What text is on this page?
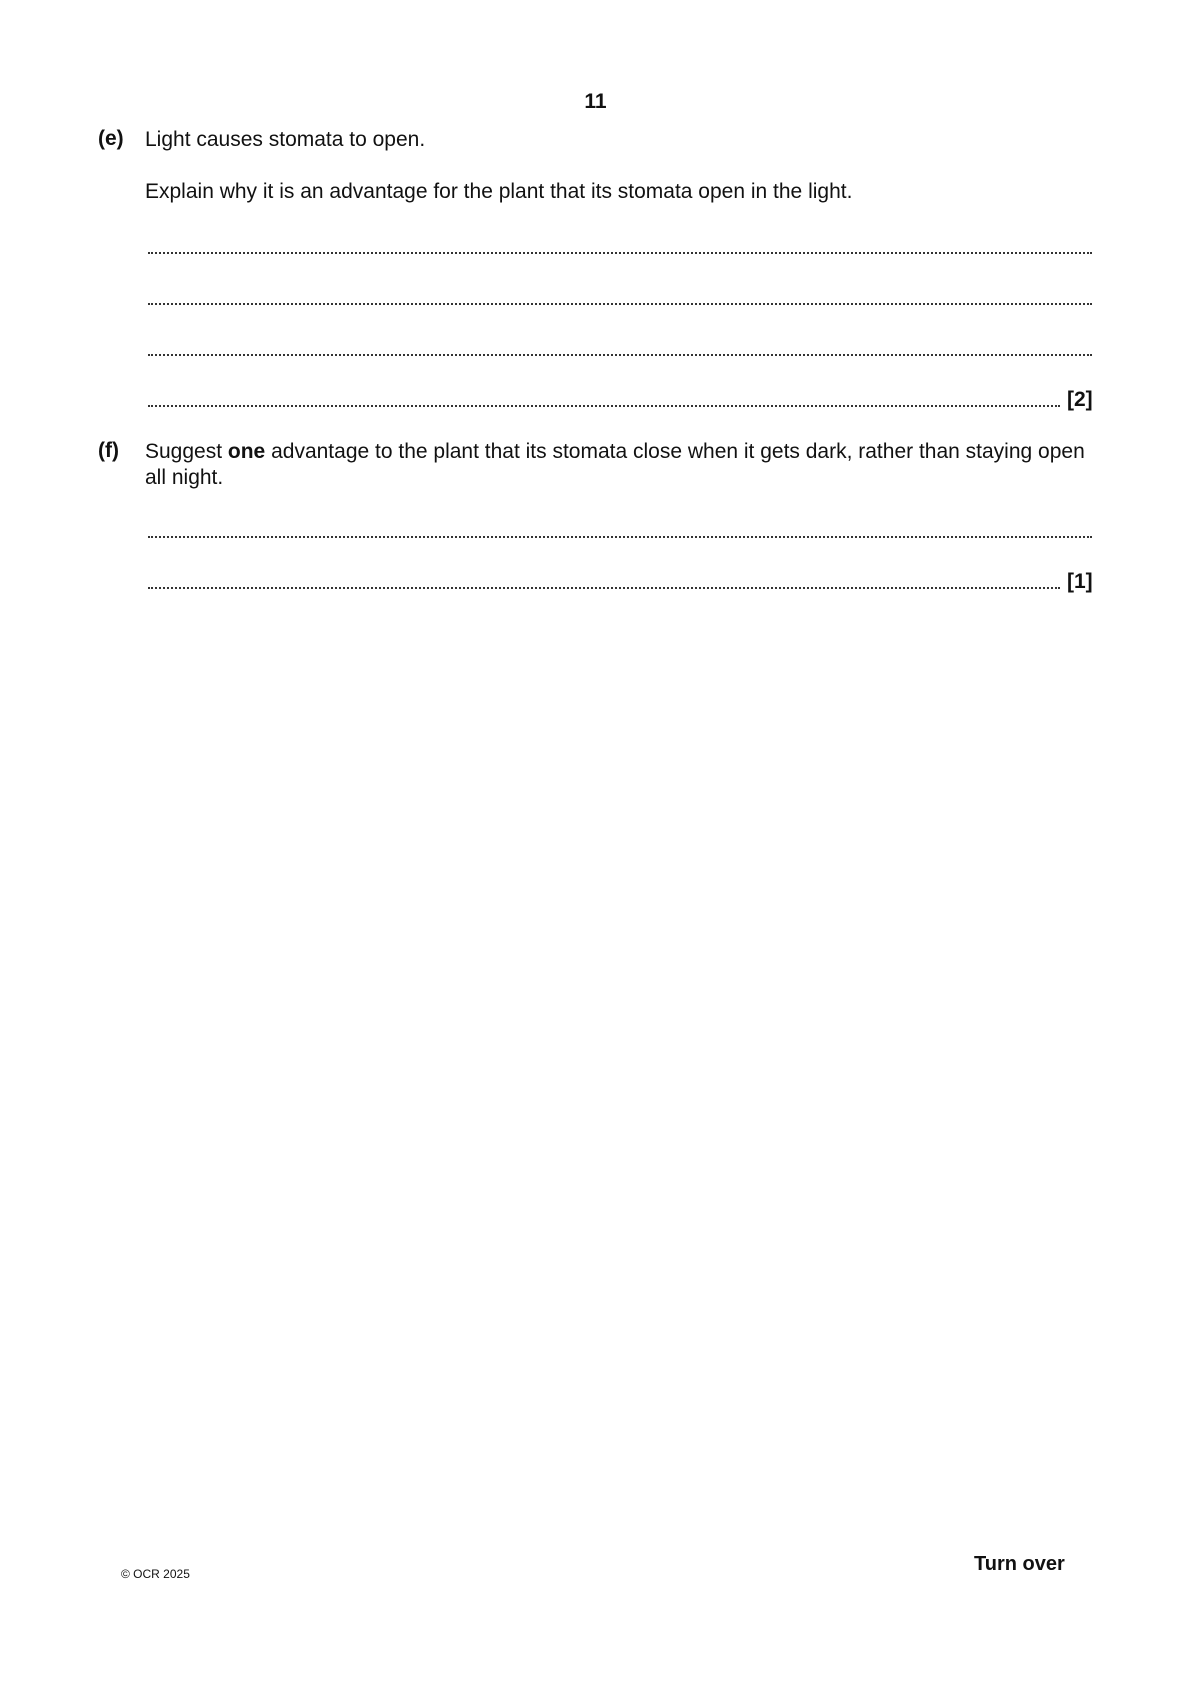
11
(e) Light causes stomata to open.
Explain why it is an advantage for the plant that its stomata open in the light.
[2]
(f) Suggest one advantage to the plant that its stomata close when it gets dark, rather than staying open all night.
[1]
© OCR 2025	Turn over
